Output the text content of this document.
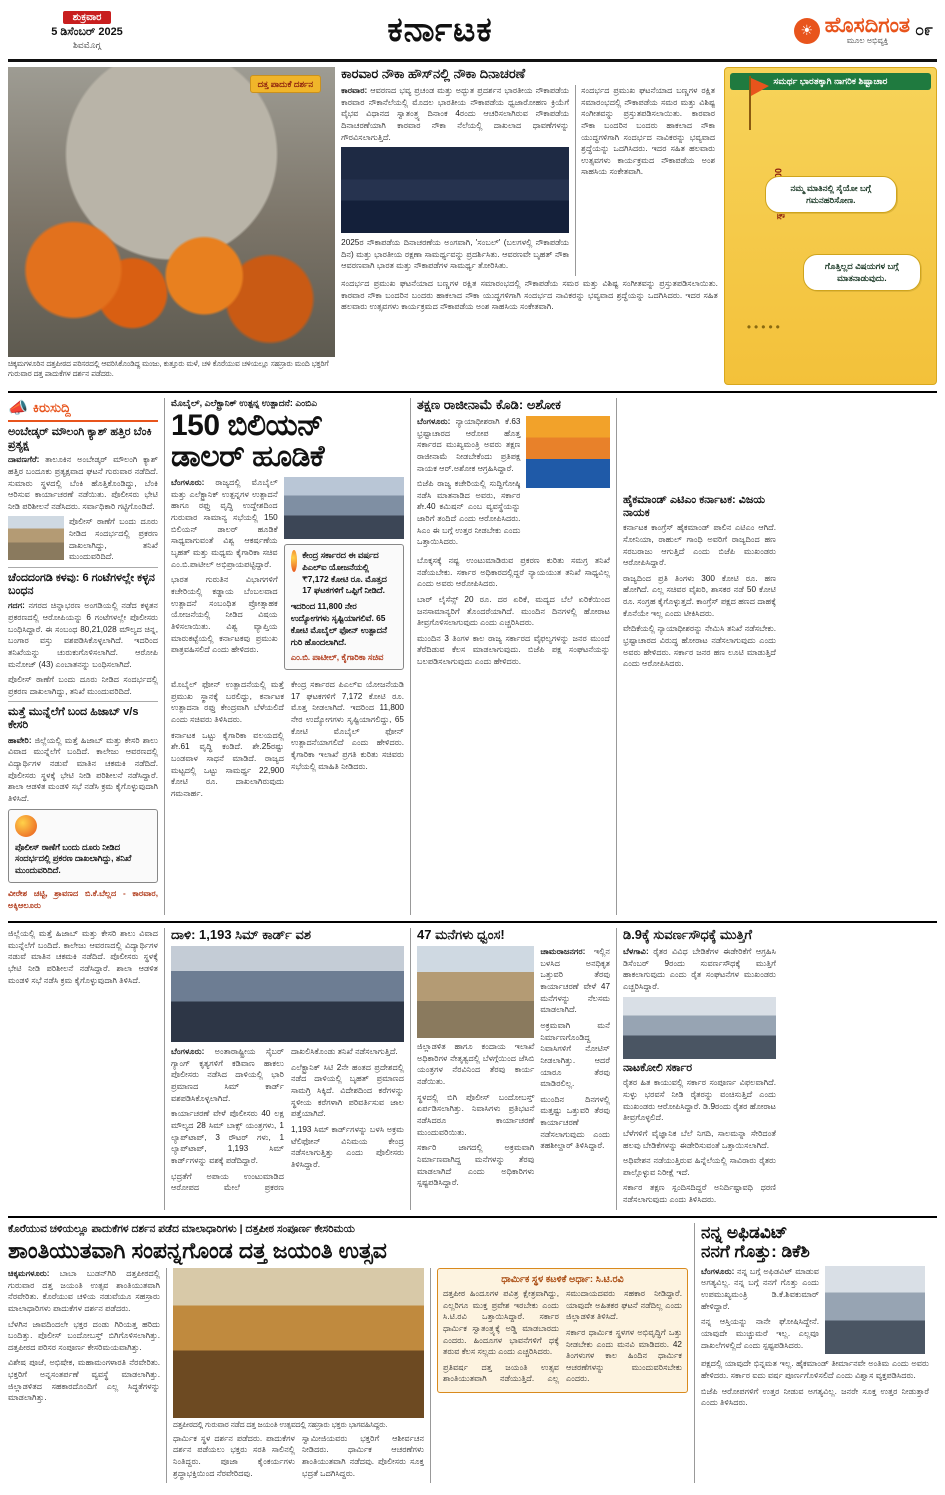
ಶುಕ್ರವಾರ
5 ಡಿಸೆಂಬರ್ 2025
ಶಿವಮೊಗ್ಗ	ಕರ್ನಾಟಕ	☀ ಹೊಸದಿಗಂತ
ಮೂಲ ಅಭಿವ್ಯಕ್ತಿ
೦೯
ದತ್ತ ಪಾದುಕೆ ದರ್ಶನ
ಚಿಕ್ಕಮಗಳೂರಿನ ದತ್ತಪೀಠದ ಪರಿಸರದಲ್ಲಿ ಆವರಿಸಿಕೊಂಡಿದ್ದ ಮಂಜು, ಕುತ್ತೂರು ಮಳೆ, ಚಳಿ ಕೊರೆಯುವ ಚಳಿಯಲ್ಲೂ ಸಹಸ್ರಾರು ಮಂದಿ ಭಕ್ತರಿಗೆ ಗುರುವಾರ ದತ್ತ ಪಾದುಕೆಗಳ ದರ್ಶನ ಪಡೆದರು.
ಕಾರವಾರ ನೌಕಾ ಹೌಸ್‌ನಲ್ಲಿ ನೌಕಾ ದಿನಾಚರಣೆ

ಕಾರವಾರ: ಆವರಣದ ಭವ್ಯ ಪ್ರಚಂಡ ಮತ್ತು ಅದ್ಭುತ ಪ್ರದರ್ಶನ ಭಾರತೀಯ ನೌಕಾಪಡೆಯ ಕಾರವಾರ ನೌಕಾನೆಲೆಯಲ್ಲಿ ಮೊದಲ ಭಾರತೀಯ ನೌಕಾಪಡೆಯ ಧ್ವಜಾರೋಹಣ ಕ್ರಿಯೆಗೆ ವೈಭವ ವಿಧಾನದ ಸ್ವಾತಂತ್ರ್ಯ ದಿನಾಂಕ 4ರಂದು ಆಚರಿಸಲಾಗಿರುವ ನೌಕಾಪಡೆಯ ದಿನಾಚರಣೆಯಾಗಿ ಕಾರವಾರ ನೌಕಾ ನೆಲೆಯಲ್ಲಿ ದಾಖಲಾದ ಧಾವಣೆಗಳನ್ನು ಗೌರವಿಸಲಾಗುತ್ತಿದೆ.

2025ರ ನೌಕಾಪಡೆಯ ದಿನಾಚರಣೆಯ ಅಂಗವಾಗಿ, 'ಸಂಬಲ್' (ಬಲಗಳಲ್ಲಿ ನೌಕಾಪಡೆಯ ದಿನ) ಮತ್ತು ಭಾರತೀಯ ರಕ್ಷಣಾ ಸಾಮರ್ಥ್ಯವನ್ನು ಪ್ರದರ್ಶಿಸಿತು. ಆವರಣವೇ ಬೃಹತ್ ನೌಕಾ ಆವರಣವಾಗಿ ಭಾರತ ಮತ್ತು ನೌಕಾಪಡೆಗಳ ಸಾಮರ್ಥ್ಯ ತೋರಿಸಿತು.

ಸಂದರ್ಭದ ಪ್ರಮುಖ ಘಟನೆಯಾದ ಬಣ್ಣಗಳ ರಕ್ಷಿತ ಸಮಾರಂಭದಲ್ಲಿ ನೌಕಾಪಡೆಯ ಸಮರ ಮತ್ತು ವಿಶಿಷ್ಟ ಸಂಗೀತವನ್ನು ಪ್ರಸ್ತುತಪಡಿಸಲಾಯಿತು. ಕಾರವಾರ ನೌಕಾ ಬಂದರಿನ ಬಂದರು ಹಾಕಲಾದ ನೌಕಾ ಯುದ್ಧಗಳಿಗಾಗಿ ಸಂದರ್ಭದ ನಾವಿಕರನ್ನು ಭವ್ಯವಾದ ಶ್ರದ್ಧೆಯನ್ನು ಒದಗಿಸಿದರು. ಇದರ ಸಹಿತ ಹಲವಾರು ಉತ್ಸವಗಳು ಕಾರ್ಯಕ್ರಮದ ನೌಕಾಪಡೆಯ ಅಂಶ ಸಾಹಸಿಯ ಸಂಕೇತವಾಗಿ.

ಸಂದರ್ಭದ ಪ್ರಮುಖ ಘಟನೆಯಾದ ಬಣ್ಣಗಳ ರಕ್ಷಿತ ಸಮಾರಂಭದಲ್ಲಿ ನೌಕಾಪಡೆಯ ಸಮರ ಮತ್ತು ವಿಶಿಷ್ಟ ಸಂಗೀತವನ್ನು ಪ್ರಸ್ತುತಪಡಿಸಲಾಯಿತು. ಕಾರವಾರ ನೌಕಾ ಬಂದರಿನ ಬಂದರು ಹಾಕಲಾದ ನೌಕಾ ಯುದ್ಧಗಳಿಗಾಗಿ ಸಂದರ್ಭದ ನಾವಿಕರನ್ನು ಭವ್ಯವಾದ ಶ್ರದ್ಧೆಯನ್ನು ಒದಗಿಸಿದರು. ಇದರ ಸಹಿತ ಹಲವಾರು ಉತ್ಸವಗಳು ಕಾರ್ಯಕ್ರಮದ ನೌಕಾಪಡೆಯ ಅಂಶ ಸಾಹಸಿಯ ಸಂಕೇತವಾಗಿ.

ಸಮರ್ಥ ಭಾರತಕ್ಕಾಗಿ ನಾಗರಿಕ ಶಿಷ್ಟಾಚಾರ
ನಮ್ಮ ಮಾತಿನಲ್ಲಿ ಸೈಯೋ ಬಗ್ಗೆ ಗಮನಹರಿಸೋಣ.
ಗೊತ್ತಿಲ್ಲದ ವಿಷಯಗಳ ಬಗ್ಗೆ ಮಾತನಾಡುವುದು.
•••••
📣 ಕಿರುಸುದ್ದಿ
ಅಂಬೇಡ್ಕರ್ ಮೌಲಂಗಿ ಕ್ಯಾಶ್ ಹತ್ತಿರ ಬೆಂಕಿ ಪ್ರತ್ಯಕ್ಷ

ದಾವಣಗೆರೆ: ತಾಲೂಕಿನ ಅಂಬೇಡ್ಕರ್ ಮೌಲಂಗಿ ಕ್ಯಾಶ್ ಹತ್ತಿರ ಬಂದೂಕು ಪ್ರತ್ಯಕ್ಷವಾದ ಘಟನೆ ಗುರುವಾರ ನಡೆದಿದೆ. ಸುಮಾರು ಸ್ಥಳದಲ್ಲಿ ಬೆಂಕಿ ಹೊತ್ತಿಕೊಂಡಿದ್ದು, ಬೆಂಕಿ ಆರಿಸುವ ಕಾರ್ಯಾಚರಣೆ ನಡೆಯಿತು. ಪೊಲೀಸರು ಭೇಟಿ ನೀಡಿ ಪರಿಶೀಲನೆ ನಡೆಸಿದರು. ಸರ್ವಾಧಿಕಾರಿ ಗಟ್ಟಿಗೊಂಡಿದೆ.

ಪೊಲೀಸ್ ಠಾಣೆಗೆ ಬಂದು ದೂರು ನೀಡಿದ ಸಂದರ್ಭದಲ್ಲಿ ಪ್ರಕರಣ ದಾಖಲಾಗಿದ್ದು, ತನಿಖೆ ಮುಂದುವರಿದಿದೆ.

ಚೆಂದದಂಗಡಿ ಕಳವು: 6 ಗಂಟೆಗಳಲ್ಲೇ ಕಳ್ಳನ ಬಂಧನ

ಗದಗ: ನಗರದ ಚಿನ್ನಾಭರಣ ಅಂಗಡಿಯಲ್ಲಿ ನಡೆದ ಕಳ್ಳತನ ಪ್ರಕರಣದಲ್ಲಿ ಆರೋಪಿಯನ್ನು 6 ಗಂಟೆಗಳಲ್ಲೇ ಪೊಲೀಸರು ಬಂಧಿಸಿದ್ದಾರೆ. ಈ ಸಂಬಂಧ 80,21,028 ಮೌಲ್ಯದ ಚಿನ್ನ, ಬಂಗಾರ ವಸ್ತು ವಶಪಡಿಸಿಕೊಳ್ಳಲಾಗಿದೆ. ಇದರಿಂದ ತನಿಖೆಯನ್ನು ಚುರುಕುಗೊಳಿಸಲಾಗಿದೆ. ಆರೋಪಿ ಮನೋಜ್ (43) ಎಂಬಾತನನ್ನು ಬಂಧಿಸಲಾಗಿದೆ.

ಪೊಲೀಸ್ ಠಾಣೆಗೆ ಬಂದು ದೂರು ನೀಡಿದ ಸಂದರ್ಭದಲ್ಲಿ ಪ್ರಕರಣ ದಾಖಲಾಗಿದ್ದು, ತನಿಖೆ ಮುಂದುವರಿದಿದೆ.

ಮತ್ತೆ ಮುನ್ನೆಲೆಗೆ ಬಂದ ಹಿಜಾಬ್ v/s ಕೇಸರಿ

ಹಾವೇರಿ: ಜಿಲ್ಲೆಯಲ್ಲಿ ಮತ್ತೆ ಹಿಜಾಬ್ ಮತ್ತು ಕೇಸರಿ ಶಾಲು ವಿವಾದ ಮುನ್ನೆಲೆಗೆ ಬಂದಿದೆ. ಕಾಲೇಜು ಆವರಣದಲ್ಲಿ ವಿದ್ಯಾರ್ಥಿಗಳ ನಡುವೆ ಮಾತಿನ ಚಕಮಕಿ ನಡೆದಿದೆ. ಪೊಲೀಸರು ಸ್ಥಳಕ್ಕೆ ಭೇಟಿ ನೀಡಿ ಪರಿಶೀಲನೆ ನಡೆಸಿದ್ದಾರೆ. ಶಾಲಾ ಆಡಳಿತ ಮಂಡಳಿ ಸಭೆ ನಡೆಸಿ ಕ್ರಮ ಕೈಗೊಳ್ಳುವುದಾಗಿ ತಿಳಿಸಿದೆ.

ಪೊಲೀಸ್ ಠಾಣೆಗೆ ಬಂದು ದೂರು ನೀಡಿದ ಸಂದರ್ಭದಲ್ಲಿ ಪ್ರಕರಣ ದಾಖಲಾಗಿದ್ದು, ತನಿಖೆ ಮುಂದುವರಿದಿದೆ.

ವೀರೇಶ ಚಟ್ಟಿ, ಶ್ರಾವಣದ ಬಿ.ಕೆ.ಬೆಲ್ಲದ - ಕಾರವಾರ, ಅಕ್ಕಿಆಲೂರು

ಮೊಬೈಲ್, ಎಲೆಕ್ಟ್ರಾನಿಕ್ ಉತ್ಪನ್ನ ಉತ್ಪಾದನೆ: ಎಂಬಿಎ
150 ಬಿಲಿಯನ್ ಡಾಲರ್ ಹೂಡಿಕೆ

ಬೆಂಗಳೂರು: ರಾಜ್ಯದಲ್ಲಿ ಮೊಬೈಲ್ ಮತ್ತು ಎಲೆಕ್ಟ್ರಾನಿಕ್ ಉತ್ಪನ್ನಗಳ ಉತ್ಪಾದನೆ ಹಾಗೂ ರಫ್ತು ವೃದ್ಧಿ ಉದ್ದೇಶದಿಂದ ಗುರುವಾರ ಸಾಮಾನ್ಯ ಸಭೆಯಲ್ಲಿ 150 ಬಿಲಿಯನ್ ಡಾಲರ್ ಹೂಡಿಕೆ ಸಾಧ್ಯವಾಗುವಂತೆ ವಿಶ್ವ ಆಕರ್ಷಣೆಯ ಬೃಹತ್ ಮತ್ತು ಮಧ್ಯಮ ಕೈಗಾರಿಕಾ ಸಚಿವ ಎಂ.ಬಿ.ಪಾಟೀಲ್ ಅಭಿಪ್ರಾಯಪಟ್ಟಿದ್ದಾರೆ.

ಭಾರತ ಗುರುತಿನ ವಿಭಾಗಗಳಿಗೆ ಕಚೇರಿಯಲ್ಲಿ ಕಡ್ಡಾಯ ಬೆಂಬಲವಾದ ಉತ್ಪಾದನೆ ಸಂಬಂಧಿತ ಪ್ರೋತ್ಸಾಹಕ ಯೋಜನೆಯಲ್ಲಿ ನೀಡಿದ ವಿಷಯ ತಿಳಿಸಲಾಯಿತು. ವಿಶ್ವ ವ್ಯಾಪ್ತಿಯ ಮಾರುಕಟ್ಟೆಯಲ್ಲಿ ಕರ್ನಾಟಕವು ಪ್ರಮುಖ ಪಾತ್ರವಹಿಸಲಿದೆ ಎಂದು ಹೇಳಿದರು.

ಕೇಂದ್ರ ಸರ್ಕಾರದ ಈ ವರ್ಷದ ಪಿಎಲ್‌ಐ ಯೋಜನೆಯಲ್ಲಿ ₹7,172 ಕೋಟಿ ರೂ. ಮೊತ್ತದ 17 ಘಟಕಗಳಿಗೆ ಒಪ್ಪಿಗೆ ನೀಡಿದೆ.
ಇದರಿಂದ 11,800 ನೇರ ಉದ್ಯೋಗಗಳು ಸೃಷ್ಟಿಯಾಗಲಿವೆ. 65 ಕೋಟಿ ಮೊಬೈಲ್ ಫೋನ್ ಉತ್ಪಾದನೆ ಗುರಿ ಹೊಂದಲಾಗಿದೆ.
ಎಂ.ಬಿ. ಪಾಟೀಲ್, ಕೈಗಾರಿಕಾ ಸಚಿವ

ಮೊಬೈಲ್ ಫೋನ್ ಉತ್ಪಾದನೆಯಲ್ಲಿ ಮತ್ತೆ ಪ್ರಮುಖ ಸ್ಥಾನಕ್ಕೆ ಬರಲಿದ್ದು, ಕರ್ನಾಟಕ ಉತ್ಪಾದನಾ ರಫ್ತು ಕೇಂದ್ರವಾಗಿ ಬೆಳೆಯಲಿದೆ ಎಂದು ಸಚಿವರು ತಿಳಿಸಿದರು.

ಕರ್ನಾಟಕ ಒಟ್ಟು ಕೈಗಾರಿಕಾ ವಲಯದಲ್ಲಿ ಶೇ.61 ವೃದ್ಧಿ ಕಂಡಿದೆ. ಶೇ.25ರಷ್ಟು ಬಂಡವಾಳ ಸಾಧನೆ ಮಾಡಿದೆ. ರಾಜ್ಯದ ಮಟ್ಟದಲ್ಲಿ ಒಟ್ಟು ಸಾಮರ್ಥ್ಯ 22,900 ಕೋಟಿ ರೂ. ದಾಖಲಾಗಿರುವುದು ಗಮನಾರ್ಹ.

ಕೇಂದ್ರ ಸರ್ಕಾರದ ಪಿಎಲ್‌ಐ ಯೋಜನೆಯಡಿ 17 ಘಟಕಗಳಿಗೆ 7,172 ಕೋಟಿ ರೂ. ಮೊತ್ತ ನೀಡಲಾಗಿದೆ. ಇದರಿಂದ 11,800 ನೇರ ಉದ್ಯೋಗಗಳು ಸೃಷ್ಟಿಯಾಗಲಿದ್ದು, 65 ಕೋಟಿ ಮೊಬೈಲ್ ಫೋನ್ ಉತ್ಪಾದನೆಯಾಗಲಿದೆ ಎಂದು ಹೇಳಿದರು. ಕೈಗಾರಿಕಾ ಇಲಾಖೆ ಪ್ರಗತಿ ಕುರಿತು ಸಚಿವರು ಸಭೆಯಲ್ಲಿ ಮಾಹಿತಿ ನೀಡಿದರು.

ತಕ್ಷಣ ರಾಜೀನಾಮೆ ಕೊಡಿ: ಅಶೋಕ

ಬೆಂಗಳೂರು: ನ್ಯಾಯಾಧೀಶರಾಗಿ ಕೆ.63 ಭ್ರಷ್ಟಾಚಾರದ ಆರೋಪ ಹೊತ್ತ ಸರ್ಕಾರದ ಮುಖ್ಯಮಂತ್ರಿ ಅವರು ತಕ್ಷಣ ರಾಜೀನಾಮೆ ನೀಡಬೇಕೆಂದು ಪ್ರತಿಪಕ್ಷ ನಾಯಕ ಆರ್.ಅಶೋಕ ಆಗ್ರಹಿಸಿದ್ದಾರೆ.

ಬಿಜೆಪಿ ರಾಜ್ಯ ಕಚೇರಿಯಲ್ಲಿ ಸುದ್ದಿಗೋಷ್ಠಿ ನಡೆಸಿ ಮಾತನಾಡಿದ ಅವರು, ಸರ್ಕಾರ ಶೇ.40 ಕಮಿಷನ್ ಎಂಬ ವ್ಯವಸ್ಥೆಯನ್ನು ಜಾರಿಗೆ ತಂದಿದೆ ಎಂದು ಆರೋಪಿಸಿದರು. ಸಿಎಂ ಈ ಬಗ್ಗೆ ಉತ್ತರ ನೀಡಬೇಕು ಎಂದು ಒತ್ತಾಯಿಸಿದರು.

ಬೊಕ್ಕಸಕ್ಕೆ ನಷ್ಟ ಉಂಟುಮಾಡಿರುವ ಪ್ರಕರಣ ಕುರಿತು ಸಮಗ್ರ ತನಿಖೆ ನಡೆಯಬೇಕು. ಸರ್ಕಾರ ಅಧಿಕಾರದಲ್ಲಿದ್ದರೆ ನ್ಯಾಯಯುತ ತನಿಖೆ ಸಾಧ್ಯವಿಲ್ಲ ಎಂದು ಅವರು ಆರೋಪಿಸಿದರು.

ಬಾರ್ ಲೈಸೆನ್ಸ್ 20 ರೂ. ದರ ಏರಿಕೆ, ಮದ್ಯದ ಬೆಲೆ ಏರಿಕೆಯಿಂದ ಜನಸಾಮಾನ್ಯರಿಗೆ ತೊಂದರೆಯಾಗಿದೆ. ಮುಂದಿನ ದಿನಗಳಲ್ಲಿ ಹೋರಾಟ ತೀವ್ರಗೊಳಿಸಲಾಗುವುದು ಎಂದು ಎಚ್ಚರಿಸಿದರು.

ಮುಂದಿನ 3 ತಿಂಗಳ ಕಾಲ ರಾಜ್ಯ ಸರ್ಕಾರದ ವೈಫಲ್ಯಗಳನ್ನು ಜನರ ಮುಂದೆ ತೆರೆದಿಡುವ ಕೆಲಸ ಮಾಡಲಾಗುವುದು. ಬಿಜೆಪಿ ಪಕ್ಷ ಸಂಘಟನೆಯನ್ನು ಬಲಪಡಿಸಲಾಗುವುದು ಎಂದು ಹೇಳಿದರು.

ಹೈಕಮಾಂಡ್ ಎಟಿಎಂ ಕರ್ನಾಟಕ: ವಿಜಯ ನಾಯಕ

ಕರ್ನಾಟಕ ಕಾಂಗ್ರೆಸ್ ಹೈಕಮಾಂಡ್ ಪಾಲಿನ ಎಟಿಎಂ ಆಗಿದೆ. ಸೋನಿಯಾ, ರಾಹುಲ್ ಗಾಂಧಿ ಅವರಿಗೆ ರಾಜ್ಯದಿಂದ ಹಣ ಸರಬರಾಜು ಆಗುತ್ತಿದೆ ಎಂದು ಬಿಜೆಪಿ ಮುಖಂಡರು ಆರೋಪಿಸಿದ್ದಾರೆ.

ರಾಜ್ಯದಿಂದ ಪ್ರತಿ ತಿಂಗಳು 300 ಕೋಟಿ ರೂ. ಹಣ ಹೋಗಿದೆ. ಎಲ್ಲ ಸಚಿವರ ವೈಖರಿ, ಶಾಸಕರ ನಡೆ 50 ಕೋಟಿ ರೂ. ಸಂಗ್ರಹ ಕೈಗೊಳ್ಳುತ್ತದೆ. ಕಾಂಗ್ರೆಸ್ ಪಕ್ಷದ ಹಣದ ದಾಹಕ್ಕೆ ಕೊನೆಯೇ ಇಲ್ಲ ಎಂದು ಟೀಕಿಸಿದರು.

ವೇದಿಕೆಯಲ್ಲಿ ನ್ಯಾಯಾಧೀಶರನ್ನು ನೇಮಿಸಿ ತನಿಖೆ ನಡೆಸಬೇಕು. ಭ್ರಷ್ಟಾಚಾರದ ವಿರುದ್ಧ ಹೋರಾಟ ನಡೆಸಲಾಗುವುದು ಎಂದು ಅವರು ಹೇಳಿದರು. ಸರ್ಕಾರ ಜನರ ಹಣ ಲೂಟಿ ಮಾಡುತ್ತಿದೆ ಎಂದು ಆರೋಪಿಸಿದರು.

ಜಿಲ್ಲೆಯಲ್ಲಿ ಮತ್ತೆ ಹಿಜಾಬ್ ಮತ್ತು ಕೇಸರಿ ಶಾಲು ವಿವಾದ ಮುನ್ನೆಲೆಗೆ ಬಂದಿದೆ. ಕಾಲೇಜು ಆವರಣದಲ್ಲಿ ವಿದ್ಯಾರ್ಥಿಗಳ ನಡುವೆ ಮಾತಿನ ಚಕಮಕಿ ನಡೆದಿದೆ. ಪೊಲೀಸರು ಸ್ಥಳಕ್ಕೆ ಭೇಟಿ ನೀಡಿ ಪರಿಶೀಲನೆ ನಡೆಸಿದ್ದಾರೆ. ಶಾಲಾ ಆಡಳಿತ ಮಂಡಳಿ ಸಭೆ ನಡೆಸಿ ಕ್ರಮ ಕೈಗೊಳ್ಳುವುದಾಗಿ ತಿಳಿಸಿದೆ.

ದಾಳಿ: 1,193 ಸಿಮ್ ಕಾರ್ಡ್ ವಶ

ಬೆಂಗಳೂರು: ಅಂತಾರಾಷ್ಟ್ರೀಯ ಸೈಬರ್ ಗ್ಯಾಂಗ್ ಕೃತ್ಯಗಳಿಗೆ ಕಡಿವಾಣ ಹಾಕಲು ಪೊಲೀಸರು ನಡೆಸಿದ ದಾಳಿಯಲ್ಲಿ ಭಾರಿ ಪ್ರಮಾಣದ ಸಿಮ್ ಕಾರ್ಡ್ ವಶಪಡಿಸಿಕೊಳ್ಳಲಾಗಿದೆ.

ಕಾರ್ಯಾಚರಣೆ ವೇಳೆ ಪೊಲೀಸರು 40 ಲಕ್ಷ ಮೌಲ್ಯದ 28 ಸಿಮ್ ಬಾಕ್ಸ್ ಯಂತ್ರಗಳು, 1 ಲ್ಯಾಪ್‌ಟಾಪ್, 3 ರೌಟರ್ ಗಳು, 1 ಲ್ಯಾಪ್‌ಟಾಪ್, 1,193 ಸಿಮ್ ಕಾರ್ಡ್‌ಗಳನ್ನು ವಶಕ್ಕೆ ಪಡೆದಿದ್ದಾರೆ.

ಭದ್ರತೆಗೆ ಅಪಾಯ ಉಂಟುಮಾಡಿದ ಆರೋಪದ ಮೇಲೆ ಪ್ರಕರಣ ದಾಖಲಿಸಿಕೊಂಡು ತನಿಖೆ ನಡೆಸಲಾಗುತ್ತಿದೆ.

ಎಲೆಕ್ಟ್ರಾನಿಕ್ ಸಿಟಿ 2ನೇ ಹಂತದ ಪ್ರದೇಶದಲ್ಲಿ ನಡೆದ ದಾಳಿಯಲ್ಲಿ ಬೃಹತ್ ಪ್ರಮಾಣದ ಸಾಮಗ್ರಿ ಸಿಕ್ಕಿದೆ. ವಿದೇಶದಿಂದ ಕರೆಗಳನ್ನು ಸ್ಥಳೀಯ ಕರೆಗಳಾಗಿ ಪರಿವರ್ತಿಸುವ ಜಾಲ ಪತ್ತೆಯಾಗಿದೆ.

1,193 ಸಿಮ್ ಕಾರ್ಡ್‌ಗಳನ್ನು ಬಳಸಿ ಅಕ್ರಮ ಟೆಲಿಫೋನ್ ವಿನಿಮಯ ಕೇಂದ್ರ ನಡೆಸಲಾಗುತ್ತಿತ್ತು ಎಂದು ಪೊಲೀಸರು ತಿಳಿಸಿದ್ದಾರೆ.

47 ಮನೆಗಳು ಧ್ವಂಸ!

ಜಿಲ್ಲಾಡಳಿತ ಹಾಗೂ ಕಂದಾಯ ಇಲಾಖೆ ಅಧಿಕಾರಿಗಳ ನೇತೃತ್ವದಲ್ಲಿ ಬೆಳಗ್ಗೆಯಿಂದ ಜೆಸಿಬಿ ಯಂತ್ರಗಳ ನೆರವಿನಿಂದ ತೆರವು ಕಾರ್ಯ ನಡೆಯಿತು.

ಸ್ಥಳದಲ್ಲಿ ಬಿಗಿ ಪೊಲೀಸ್ ಬಂದೋಬಸ್ತ್ ಏರ್ಪಡಿಸಲಾಗಿತ್ತು. ನಿವಾಸಿಗಳು ಪ್ರತಿಭಟನೆ ನಡೆಸಿದರೂ ಕಾರ್ಯಾಚರಣೆ ಮುಂದುವರಿಯಿತು.

ಸರ್ಕಾರಿ ಜಾಗದಲ್ಲಿ ಅಕ್ರಮವಾಗಿ ನಿರ್ಮಾಣವಾಗಿದ್ದ ಮನೆಗಳನ್ನು ತೆರವು ಮಾಡಲಾಗಿದೆ ಎಂದು ಅಧಿಕಾರಿಗಳು ಸ್ಪಷ್ಟಪಡಿಸಿದ್ದಾರೆ.

ಚಾಮರಾಜನಗರ: ಇಲ್ಲಿನ ಬಳಸಿದ ಅನಧಿಕೃತ ಒತ್ತುವರಿ ತೆರವು ಕಾರ್ಯಾಚರಣೆ ವೇಳೆ 47 ಮನೆಗಳನ್ನು ನೆಲಸಮ ಮಾಡಲಾಗಿದೆ.

ಅಕ್ರಮವಾಗಿ ಮನೆ ನಿರ್ಮಾಣಗೊಂಡಿದ್ದ ನಿವಾಸಿಗಳಿಗೆ ನೋಟಿಸ್ ನೀಡಲಾಗಿತ್ತು. ಆದರೆ ಯಾರೂ ತೆರವು ಮಾಡಿರಲಿಲ್ಲ.

ಮುಂದಿನ ದಿನಗಳಲ್ಲಿ ಮತ್ತಷ್ಟು ಒತ್ತುವರಿ ತೆರವು ಕಾರ್ಯಾಚರಣೆ ನಡೆಸಲಾಗುವುದು ಎಂದು ತಹಶೀಲ್ದಾರ್ ತಿಳಿಸಿದ್ದಾರೆ.

ಡಿ.9ಕ್ಕೆ ಸುವರ್ಣಸೌಧಕ್ಕೆ ಮುತ್ತಿಗೆ

ಬೆಳಗಾವಿ: ರೈತರ ವಿವಿಧ ಬೇಡಿಕೆಗಳ ಈಡೇರಿಕೆಗೆ ಆಗ್ರಹಿಸಿ ಡಿಸೆಂಬರ್ 9ರಂದು ಸುವರ್ಣಸೌಧಕ್ಕೆ ಮುತ್ತಿಗೆ ಹಾಕಲಾಗುವುದು ಎಂದು ರೈತ ಸಂಘಟನೆಗಳ ಮುಖಂಡರು ಎಚ್ಚರಿಸಿದ್ದಾರೆ.

ನಾಟಕೋಲಿ ಸರ್ಕಾರ

ರೈತರ ಹಿತ ಕಾಯುವಲ್ಲಿ ಸರ್ಕಾರ ಸಂಪೂರ್ಣ ವಿಫಲವಾಗಿದೆ. ಸುಳ್ಳು ಭರವಸೆ ನೀಡಿ ರೈತರನ್ನು ವಂಚಿಸುತ್ತಿದೆ ಎಂದು ಮುಖಂಡರು ಆರೋಪಿಸಿದ್ದಾರೆ. ಡಿ.9ರಂದು ರೈತರ ಹೋರಾಟ ತೀವ್ರಗೊಳ್ಳಲಿದೆ.

ಬೆಳೆಗಳಿಗೆ ವೈಜ್ಞಾನಿಕ ಬೆಲೆ ನಿಗದಿ, ಸಾಲಮನ್ನಾ ಸೇರಿದಂತೆ ಹಲವು ಬೇಡಿಕೆಗಳನ್ನು ಈಡೇರಿಸುವಂತೆ ಒತ್ತಾಯಿಸಲಾಗಿದೆ.

ಅಧಿವೇಶನ ನಡೆಯುತ್ತಿರುವ ಹಿನ್ನೆಲೆಯಲ್ಲಿ ಸಾವಿರಾರು ರೈತರು ಪಾಲ್ಗೊಳ್ಳುವ ನಿರೀಕ್ಷೆ ಇದೆ.

ಸರ್ಕಾರ ತಕ್ಷಣ ಸ್ಪಂದಿಸದಿದ್ದರೆ ಅನಿರ್ದಿಷ್ಟಾವಧಿ ಧರಣಿ ನಡೆಸಲಾಗುವುದು ಎಂದು ತಿಳಿಸಿದರು.

ಕೊರೆಯುವ ಚಳಿಯಲ್ಲೂ ಪಾದುಕೆಗಳ ದರ್ಶನ ಪಡೆದ ಮಾಲಾಧಾರಿಗಳು | ದತ್ತಪೀಠ ಸಂಪೂರ್ಣ ಕೇಸರಿಮಯ
ಶಾಂತಿಯುತವಾಗಿ ಸಂಪನ್ನಗೊಂಡ ದತ್ತ ಜಯಂತಿ ಉತ್ಸವ

ಚಿಕ್ಕಮಗಳೂರು: ಬಾಬಾ ಬುಡನ್‌ಗಿರಿ ದತ್ತಪೀಠದಲ್ಲಿ ಗುರುವಾರ ದತ್ತ ಜಯಂತಿ ಉತ್ಸವ ಶಾಂತಿಯುತವಾಗಿ ನೆರವೇರಿತು. ಕೊರೆಯುವ ಚಳಿಯ ನಡುವೆಯೂ ಸಹಸ್ರಾರು ಮಾಲಾಧಾರಿಗಳು ಪಾದುಕೆಗಳ ದರ್ಶನ ಪಡೆದರು.

ಬೆಳಗಿನ ಜಾವದಿಂದಲೇ ಭಕ್ತರ ದಂಡು ಗಿರಿಯತ್ತ ಹರಿದು ಬಂದಿತ್ತು. ಪೊಲೀಸ್ ಬಂದೋಬಸ್ತ್ ಬಿಗಿಗೊಳಿಸಲಾಗಿತ್ತು. ದತ್ತಪೀಠದ ಪರಿಸರ ಸಂಪೂರ್ಣ ಕೇಸರಿಮಯವಾಗಿತ್ತು.

ವಿಶೇಷ ಪೂಜೆ, ಅಭಿಷೇಕ, ಮಹಾಮಂಗಳಾರತಿ ನೆರವೇರಿತು. ಭಕ್ತರಿಗೆ ಅನ್ನಸಂತರ್ಪಣೆ ವ್ಯವಸ್ಥೆ ಮಾಡಲಾಗಿತ್ತು. ಜಿಲ್ಲಾಡಳಿತದ ಸಹಕಾರದೊಂದಿಗೆ ಎಲ್ಲ ಸಿದ್ಧತೆಗಳನ್ನು ಮಾಡಲಾಗಿತ್ತು.

ದತ್ತಪೀಠದಲ್ಲಿ ಗುರುವಾರ ನಡೆದ ದತ್ತ ಜಯಂತಿ ಉತ್ಸವದಲ್ಲಿ ಸಹಸ್ರಾರು ಭಕ್ತರು ಭಾಗವಹಿಸಿದ್ದರು.

ಧಾರ್ಮಿಕ ಸ್ಥಳ ದರ್ಶನ ಪಡೆದರು. ಪಾದುಕೆಗಳ ದರ್ಶನ ಪಡೆಯಲು ಭಕ್ತರು ಸರತಿ ಸಾಲಿನಲ್ಲಿ ನಿಂತಿದ್ದರು. ಪೂಜಾ ಕೈಂಕರ್ಯಗಳು ಶ್ರದ್ಧಾಭಕ್ತಿಯಿಂದ ನೆರವೇರಿದವು.

ಸ್ವಾಮೀಜಿಯವರು ಭಕ್ತರಿಗೆ ಆಶೀರ್ವಚನ ನೀಡಿದರು. ಧಾರ್ಮಿಕ ಆಚರಣೆಗಳು ಶಾಂತಿಯುತವಾಗಿ ನಡೆದವು. ಪೊಲೀಸರು ಸೂಕ್ತ ಭದ್ರತೆ ಒದಗಿಸಿದ್ದರು.

ಧಾರ್ಮಿಕ ಸ್ಥಳ ಕಟಳಿಕೆ ಅರ್ಧಾ: ಸಿ.ಟಿ.ರವಿ

ದತ್ತಪೀಠ ಹಿಂದೂಗಳ ಪವಿತ್ರ ಕ್ಷೇತ್ರವಾಗಿದ್ದು, ಎಲ್ಲರಿಗೂ ಮುಕ್ತ ಪ್ರವೇಶ ಇರಬೇಕು ಎಂದು ಸಿ.ಟಿ.ರವಿ ಒತ್ತಾಯಿಸಿದ್ದಾರೆ. ಸರ್ಕಾರ ಧಾರ್ಮಿಕ ಸ್ವಾತಂತ್ರ್ಯಕ್ಕೆ ಅಡ್ಡಿ ಮಾಡಬಾರದು ಎಂದರು. ಹಿಂದೂಗಳ ಭಾವನೆಗಳಿಗೆ ಧಕ್ಕೆ ತರುವ ಕೆಲಸ ಸಲ್ಲದು ಎಂದು ಎಚ್ಚರಿಸಿದರು.

ಪ್ರತಿವರ್ಷ ದತ್ತ ಜಯಂತಿ ಉತ್ಸವ ಶಾಂತಿಯುತವಾಗಿ ನಡೆಯುತ್ತಿದೆ. ಎಲ್ಲ ಸಮುದಾಯದವರು ಸಹಕಾರ ನೀಡಿದ್ದಾರೆ. ಯಾವುದೇ ಅಹಿತಕರ ಘಟನೆ ನಡೆದಿಲ್ಲ ಎಂದು ಜಿಲ್ಲಾಡಳಿತ ತಿಳಿಸಿದೆ.

ಸರ್ಕಾರ ಧಾರ್ಮಿಕ ಸ್ಥಳಗಳ ಅಭಿವೃದ್ಧಿಗೆ ಒತ್ತು ನೀಡಬೇಕು ಎಂದು ಮನವಿ ಮಾಡಿದರು. 42 ತಿಂಗಳುಗಳ ಕಾಲ ಹಿಂದಿನ ಧಾರ್ಮಿಕ ಆಚರಣೆಗಳನ್ನು ಮುಂದುವರಿಸಬೇಕು ಎಂದರು.

ನನ್ನ ಅಫಿಡವಿಟ್
ನನಗೆ ಗೊತ್ತು: ಡಿಕೆಶಿ

ಬೆಂಗಳೂರು: ನನ್ನ ಬಗ್ಗೆ ಅಫಿಡವಿಟ್ ಮಾಡುವ ಅಗತ್ಯವಿಲ್ಲ. ನನ್ನ ಬಗ್ಗೆ ನನಗೆ ಗೊತ್ತು ಎಂದು ಉಪಮುಖ್ಯಮಂತ್ರಿ ಡಿ.ಕೆ.ಶಿವಕುಮಾರ್ ಹೇಳಿದ್ದಾರೆ.

ನನ್ನ ಆಸ್ತಿಯನ್ನು ನಾನೇ ಘೋಷಿಸಿದ್ದೇನೆ. ಯಾವುದೇ ಮುಚ್ಚುಮರೆ ಇಲ್ಲ. ಎಲ್ಲವೂ ದಾಖಲೆಗಳಲ್ಲಿದೆ ಎಂದು ಸ್ಪಷ್ಟಪಡಿಸಿದರು.

ಪಕ್ಷದಲ್ಲಿ ಯಾವುದೇ ಭಿನ್ನಮತ ಇಲ್ಲ. ಹೈಕಮಾಂಡ್ ತೀರ್ಮಾನವೇ ಅಂತಿಮ ಎಂದು ಅವರು ಹೇಳಿದರು. ಸರ್ಕಾರ ಐದು ವರ್ಷ ಪೂರ್ಣಗೊಳಿಸಲಿದೆ ಎಂದು ವಿಶ್ವಾಸ ವ್ಯಕ್ತಪಡಿಸಿದರು.

ಬಿಜೆಪಿ ಆರೋಪಗಳಿಗೆ ಉತ್ತರ ನೀಡುವ ಅಗತ್ಯವಿಲ್ಲ. ಜನರೇ ಸೂಕ್ತ ಉತ್ತರ ನೀಡುತ್ತಾರೆ ಎಂದು ತಿಳಿಸಿದರು.
